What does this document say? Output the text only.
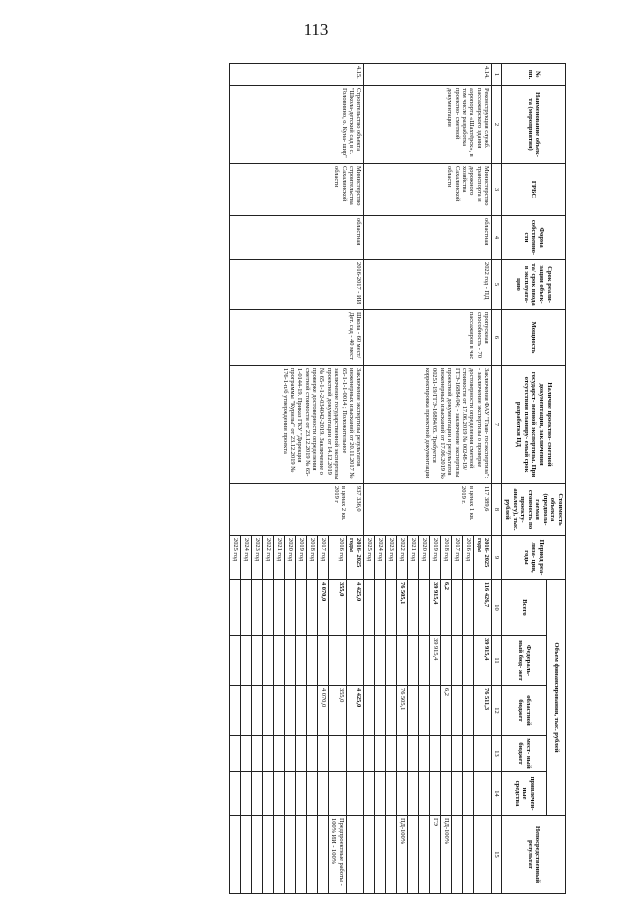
113
№ пп.	Наименование объек- та (мероприятия)	ГРБС	Форма собственно- сти	Срок реали- зации объек- та/ срок ввода в эксплуата- цию	Мощность	Наличие проектно- сметной документации, заключения государст- венной экспертизы. При отсутствии планиру- емый срок разработки ПД	Стоимость объекта (предпола- гаемая стоимость по проекту- аналогу), тыс. рублей	Период реа- лиза- ции, годы	Объем финансирования, тыс. рублей					Непосредственный результат
									Всего	Федераль- ный бюд- жет	областной бюджет	мест- ный бюджет	привлечен- ные средства	
1	2	3	4	5	6	7	8	9	10	11	12	13	14	15
4.14.	Реконструкция служб. пассажирского здания аэропорта «Шахтёрск», в том числе разработка проектно- сметной документации	Министерство транспорта и дорожного хозяйства Сахалинской области	областная	2022 год - ПД	пропускная способность - 70 пассажиров в час	Заключения ФАУ "Глав- госэкспертиза": - заключение экспертизы о проверке достоверности определения сметной стоимости от 17.06.2019 № 00248-19/ГГЭ-16884/04; - заключение экспертизы проектной документации и результатов инженерных изысканий от 17.06.2019 № 00251-19/ГГЭ-16884/05. Требуется корректировка проектной документации	117 389,6
в ценах 1 кв. 2019 г.	2016- 2025 годы	116 426,7	39 915,4	76 511,3			
								2016 год						
								2017 год						
								2018 год	6,2		6,2			ПД-100%
								2019 год	39 915,4	39 915,4				ГЭ
								2020 год						
								2021 год						
								2022 год	76 505,1		76 505,1			ПД-100%
								2023 год						
								2024 год						
								2025 год						
4.15.	Строительство объекта "Школа-детский сад в с. Головнино, о. Куна- шир"	Министерство строительства Сахалинской области	областная	2016-2017 - ИИ	Школа - 60 мест/Дет. сад - 40 мест	Заключение экспертизы результатов инженерных изысканий от 20.11.2017 № 65-1-1-1-0014 ; Положительное заключение государственной экспертизы проектной документации от 14.12.2019 № 65-1-1-2-034042-2019. Заключение о проверке достоверности определения сметной стоимости от 23.12.2019 № 65-1-0144-19. Приказ ГКУ "Дирекция программы "Курилы" от 23.12.2019 № 176-1-п/б утверждении проекта	937 336,0
в ценах 2 кв. 2019 г	2016- 2025 годы	4 425,0		4 425,0			
								2016 год	355,0		355,0			Предпроектные работы - 100% ИИ - 100%
								2017 год	4 070,0		4 070,0			
								2018 год						
								2019 год						
								2020 год						
								2021 год						
								2022 год						
								2023 год						
								2024 год						
								2025 год						
